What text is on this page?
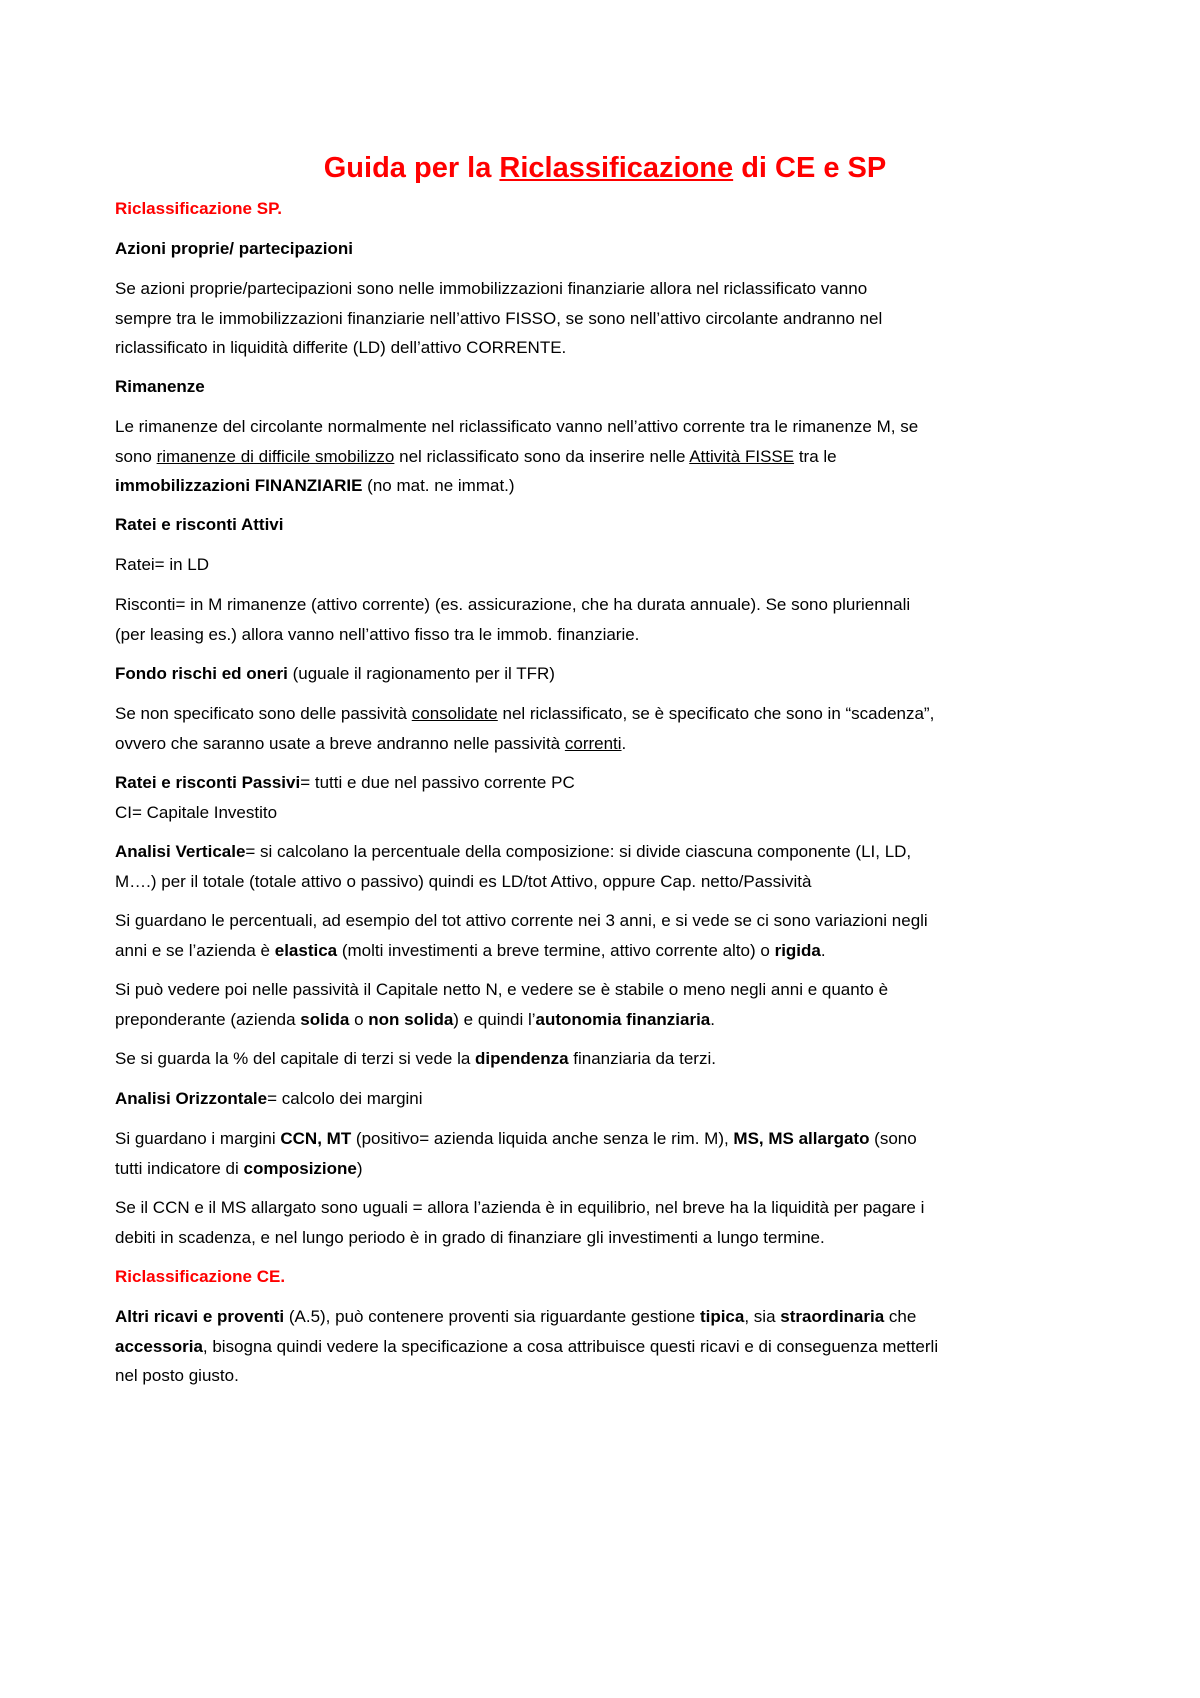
Guida per la Riclassificazione di CE e SP

Riclassificazione SP.

Azioni proprie/ partecipazioni

Se azioni proprie/partecipazioni sono nelle immobilizzazioni finanziarie allora nel riclassificato vanno
sempre tra le immobilizzazioni finanziarie nell’attivo FISSO, se sono nell’attivo circolante andranno nel
riclassificato in liquidità differite (LD) dell’attivo CORRENTE.

Rimanenze

Le rimanenze del circolante normalmente nel riclassificato vanno nell’attivo corrente tra le rimanenze M, se
sono rimanenze di difficile smobilizzo nel riclassificato sono da inserire nelle Attività FISSE tra le
immobilizzazioni FINANZIARIE (no mat. ne immat.)

Ratei e risconti Attivi

Ratei= in LD

Risconti= in M rimanenze (attivo corrente) (es. assicurazione, che ha durata annuale). Se sono pluriennali
(per leasing es.) allora vanno nell’attivo fisso tra le immob. finanziarie.

Fondo rischi ed oneri (uguale il ragionamento per il TFR)

Se non specificato sono delle passività consolidate nel riclassificato, se è specificato che sono in “scadenza”,
ovvero che saranno usate a breve andranno nelle passività correnti.
Ratei e risconti Passivi= tutti e due nel passivo corrente PC
CI= Capitale Investito
Analisi Verticale= si calcolano la percentuale della composizione: si divide ciascuna componente (LI, LD,
M….) per il totale (totale attivo o passivo) quindi es LD/tot Attivo, oppure Cap. netto/Passività
Si guardano le percentuali, ad esempio del tot attivo corrente nei 3 anni, e si vede se ci sono variazioni negli
anni e se l’azienda è elastica (molti investimenti a breve termine, attivo corrente alto) o rigida.
Si può vedere poi nelle passività il Capitale netto N, e vedere se è stabile o meno negli anni e quanto è
preponderante (azienda solida o non solida) e quindi l’autonomia finanziaria.

Se si guarda la % del capitale di terzi si vede la dipendenza finanziaria da terzi.

Analisi Orizzontale= calcolo dei margini

Si guardano i margini CCN, MT (positivo= azienda liquida anche senza le rim. M), MS, MS allargato (sono
tutti indicatore di composizione)
Se il CCN e il MS allargato sono uguali = allora l’azienda è in equilibrio, nel breve ha la liquidità per pagare i
debiti in scadenza, e nel lungo periodo è in grado di finanziare gli investimenti a lungo termine.

Riclassificazione CE.

Altri ricavi e proventi (A.5), può contenere proventi sia riguardante gestione tipica, sia straordinaria che
accessoria, bisogna quindi vedere la specificazione a cosa attribuisce questi ricavi e di conseguenza metterli
nel posto giusto.
